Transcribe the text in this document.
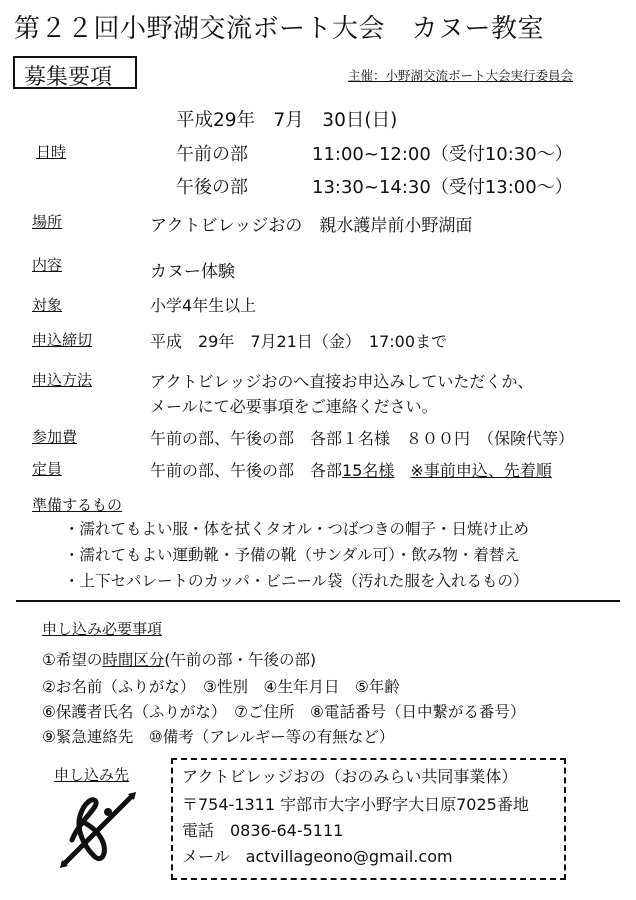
第２２回小野湖交流ボート大会　カヌー教室
募集要項	主催：小野湖交流ボート大会実行委員会
平成29年　7月　30日(日)
日時	午前の部	11:00~12:00（受付10:30～）
午後の部	13:30~14:30（受付13:00～）
場所	アクトビレッジおの　親水護岸前小野湖面
内容	カヌー体験
対象	小学4年生以上
申込締切	平成　29年　7月21日（金）　17:00まで
申込方法	アクトビレッジおのへ直接お申込みしていただくか、
メールにて必要事項をご連絡ください。
参加費	午前の部、午後の部　各部１名様　８００円　（保険代等）
定員	午前の部、午後の部　各部15名様　 ※事前申込、先着順
準備するもの
・濡れてもよい服・体を拭くタオル・つばつきの帽子・日焼け止め
・濡れてもよい運動靴・予備の靴（サンダル可）・飲み物・着替え
・上下セパレートのカッパ・ビニール袋（汚れた服を入れるもの）
申し込み必要事項
①希望の時間区分(午前の部・午後の部)
②お名前（ふりがな）　③性別　④生年月日　⑤年齢
⑥保護者氏名（ふりがな）　⑦ご住所　⑧電話番号（日中繋がる番号）
⑨緊急連絡先　⑩備考（アレルギー等の有無など）
申し込み先	アクトビレッジおの（おのみらい共同事業体）
〒754-1311 宇部市大字小野字大日原7025番地
電話　0836-64-5111
メール　actvillageono@gmail.com
